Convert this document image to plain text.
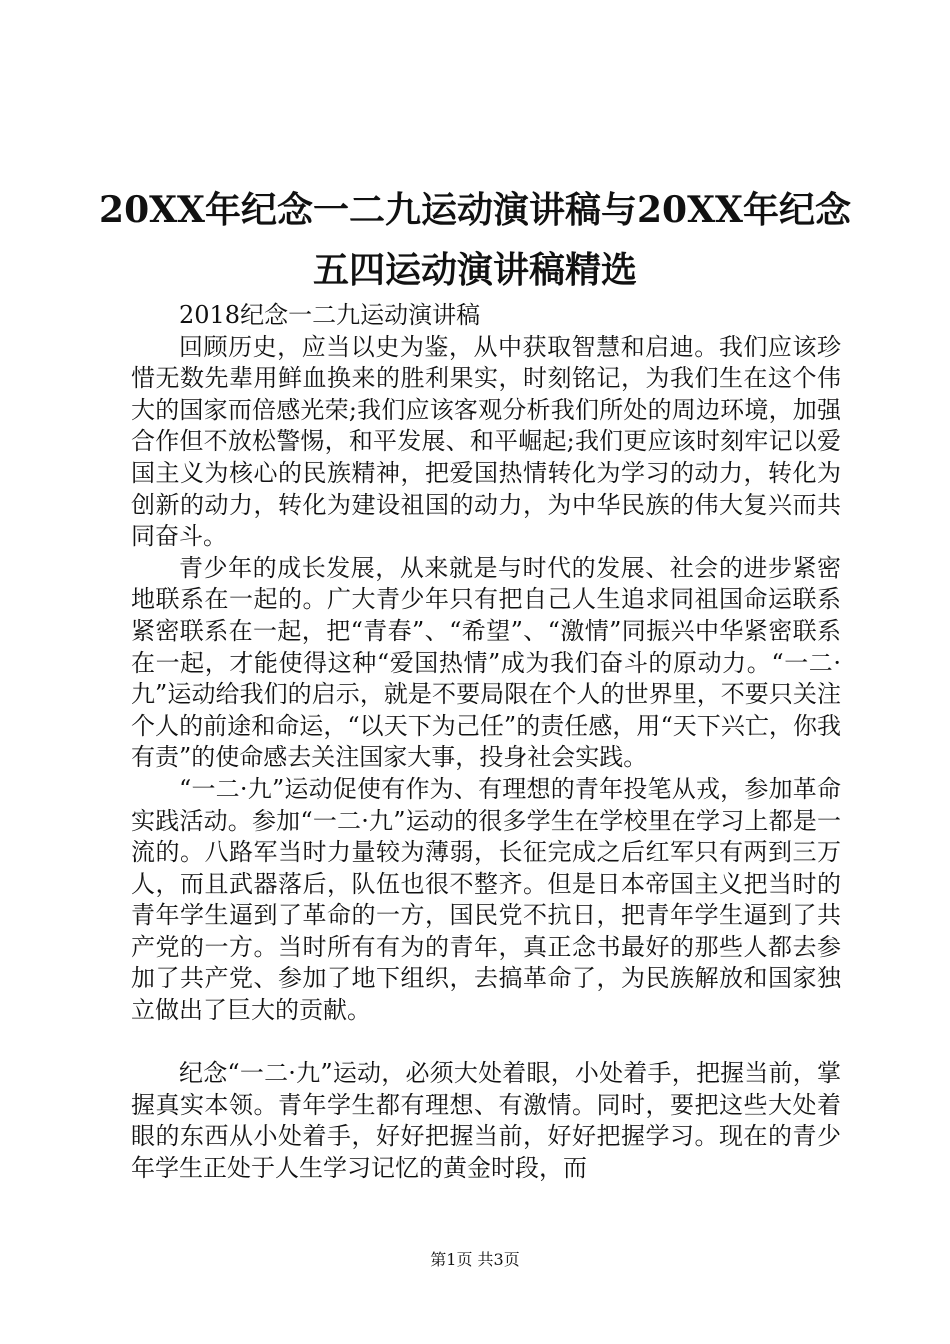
20XX年纪念一二九运动演讲稿与20XX年纪念
五四运动演讲稿精选

2018纪念一二九运动演讲稿

回顾历史，应当以史为鉴，从中获取智慧和启迪。我们应该珍惜无数先辈用鲜血换来的胜利果实，时刻铭记，为我们生在这个伟大的国家而倍感光荣;我们应该客观分析我们所处的周边环境，加强合作但不放松警惕，和平发展、和平崛起;我们更应该时刻牢记以爱国主义为核心的民族精神，把爱国热情转化为学习的动力，转化为创新的动力，转化为建设祖国的动力，为中华民族的伟大复兴而共同奋斗。

青少年的成长发展，从来就是与时代的发展、社会的进步紧密地联系在一起的。广大青少年只有把自己人生追求同祖国命运联系紧密联系在一起，把“青春”、“希望”、“激情”同振兴中华紧密联系在一起，才能使得这种“爱国热情”成为我们奋斗的原动力。“一二·九”运动给我们的启示，就是不要局限在个人的世界里，不要只关注个人的前途和命运，“以天下为己任”的责任感，用“天下兴亡，你我有责”的使命感去关注国家大事，投身社会实践。

“一二·九”运动促使有作为、有理想的青年投笔从戎，参加革命实践活动。参加“一二·九”运动的很多学生在学校里在学习上都是一流的。八路军当时力量较为薄弱，长征完成之后红军只有两到三万人，而且武器落后，队伍也很不整齐。但是日本帝国主义把当时的青年学生逼到了革命的一方，国民党不抗日，把青年学生逼到了共产党的一方。当时所有有为的青年，真正念书最好的那些人都去参加了共产党、参加了地下组织，去搞革命了，为民族解放和国家独立做出了巨大的贡献。

纪念“一二·九”运动，必须大处着眼，小处着手，把握当前，掌握真实本领。青年学生都有理想、有激情。同时，要把这些大处着眼的东西从小处着手，好好把握当前，好好把握学习。现在的青少年学生正处于人生学习记忆的黄金时段，而

第1页 共3页
